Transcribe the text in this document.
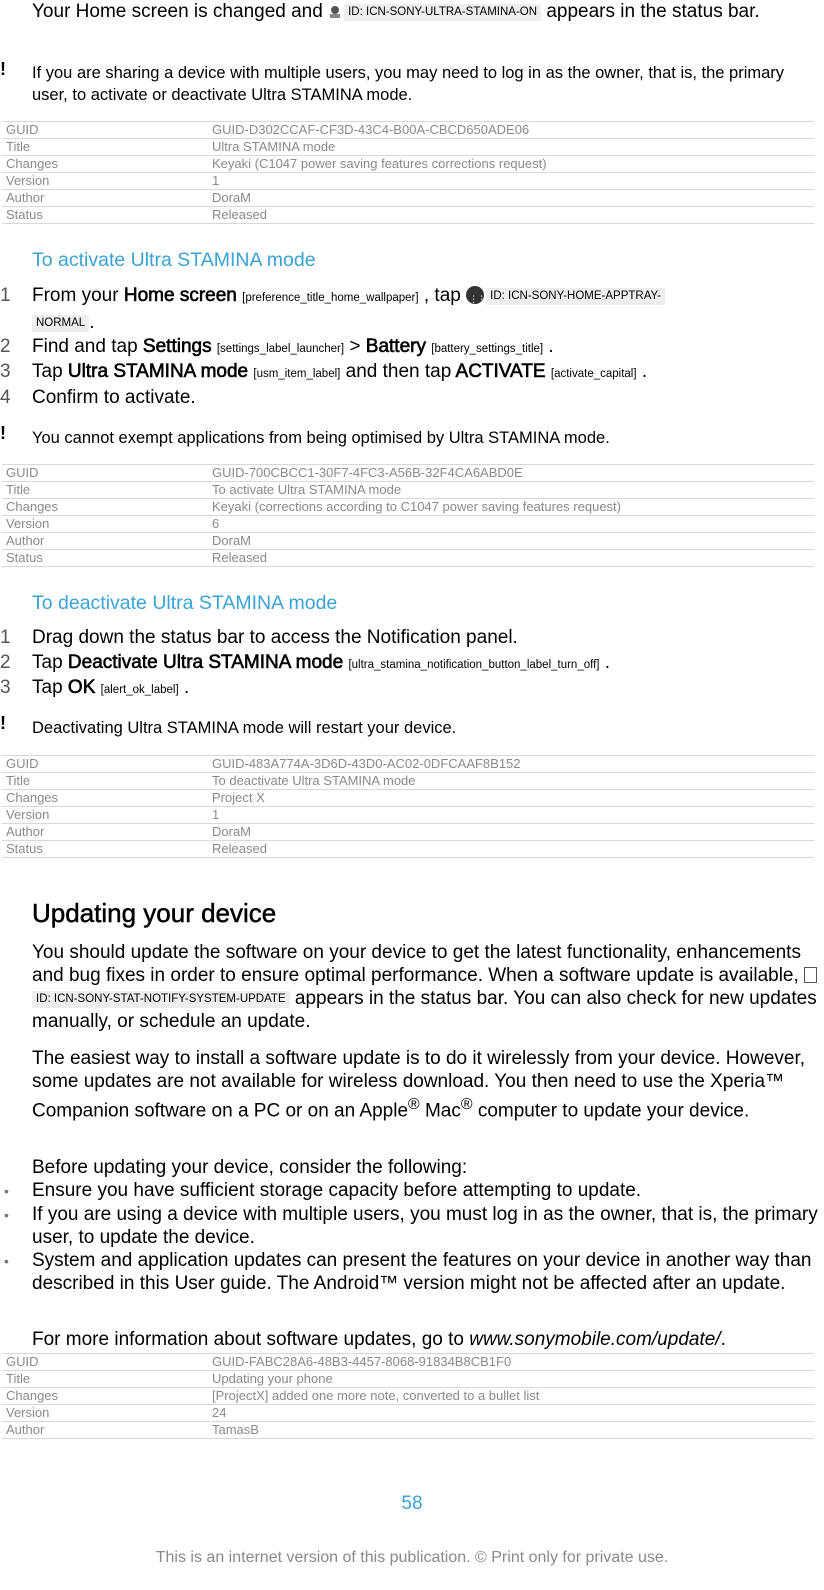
Your Home screen is changed and ID: ICN-SONY-ULTRA-STAMINA-ON appears in the status bar.
! If you are sharing a device with multiple users, you may need to log in as the owner, that is, the primary user, to activate or deactivate Ultra STAMINA mode.
GUID	GUID-D302CCAF-CF3D-43C4-B00A-CBCD650ADE06
Title	Ultra STAMINA mode
Changes	Keyaki (C1047 power saving features corrections request)
Version	1
Author	DoraM
Status	Released
To activate Ultra STAMINA mode
1	From your Home screen [preference_title_home_wallpaper] , tap ⋮⋮	ID: ICN-SONY-HOME-APPTRAY-
NORMAL .
2	Find and tap Settings [settings_label_launcher] > Battery [battery_settings_title] .
3	Tap Ultra STAMINA mode [usm_item_label] and then tap ACTIVATE [activate_capital] .
4	Confirm to activate.
! You cannot exempt applications from being optimised by Ultra STAMINA mode.
GUID	GUID-700CBCC1-30F7-4FC3-A56B-32F4CA6ABD0E
Title	To activate Ultra STAMINA mode
Changes	Keyaki (corrections according to C1047 power saving features request)
Version	6
Author	DoraM
Status	Released
To deactivate Ultra STAMINA mode
1	Drag down the status bar to access the Notification panel.
2	Tap Deactivate Ultra STAMINA mode [ultra_stamina_notification_button_label_turn_off] .
3	Tap OK [alert_ok_label] .
! Deactivating Ultra STAMINA mode will restart your device.
GUID	GUID-483A774A-3D6D-43D0-AC02-0DFCAAF8B152
Title	To deactivate Ultra STAMINA mode
Changes	Project X
Version	1
Author	DoraM
Status	Released
Updating your device
You should update the software on your device to get the latest functionality, enhancements and bug fixes in order to ensure optimal performance. When a software update is available, ID: ICN-SONY-STAT-NOTIFY-SYSTEM-UPDATE appears in the status bar. You can also check for new updates manually, or schedule an update.
The easiest way to install a software update is to do it wirelessly from your device. However, some updates are not available for wireless download. You then need to use the Xperia™ Companion software on a PC or on an Apple® Mac® computer to update your device.
Before updating your device, consider the following:
• Ensure you have sufficient storage capacity before attempting to update.
• If you are using a device with multiple users, you must log in as the owner, that is, the primary user, to update the device.
• System and application updates can present the features on your device in another way than described in this User guide. The Android™ version might not be affected after an update.
For more information about software updates, go to www.sonymobile.com/update/.
GUID	GUID-FABC28A6-48B3-4457-8068-91834B8CB1F0
Title	Updating your phone
Changes	[ProjectX] added one more note, converted to a bullet list
Version	24
Author	TamasB
58
This is an internet version of this publication. © Print only for private use.
